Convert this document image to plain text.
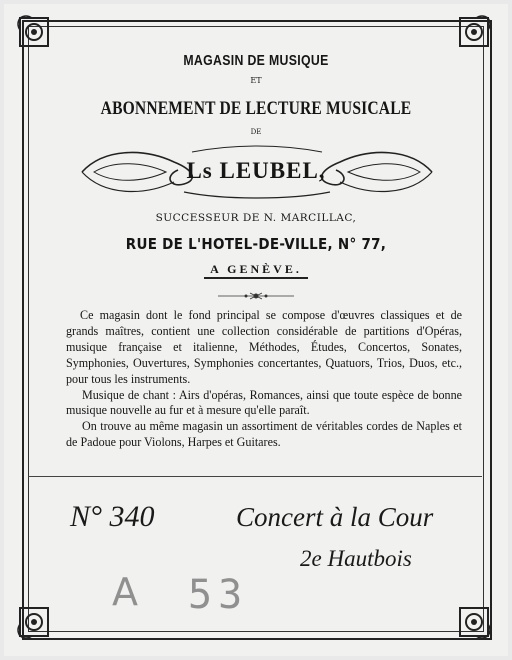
MAGASIN DE MUSIQUE
ET
ABONNEMENT DE LECTURE MUSICALE
DE
Ls LEUBEL,
SUCCESSEUR DE N. MARCILLAC,
RUE DE L'HOTEL-DE-VILLE, N° 77,
A GENÈVE.

Ce magasin dont le fond principal se compose d'œuvres classiques et de grands maîtres, contient une collection considérable de partitions d'Opéras, musique française et italienne, Méthodes, Études, Concertos, Sonates, Symphonies, Ouvertures, Symphonies concertantes, Quatuors, Trios, Duos, etc., pour tous les instruments.

Musique de chant : Airs d'opéras, Romances, ainsi que toute espèce de bonne musique nouvelle au fur et à mesure qu'elle paraît.

On trouve au même magasin un assortiment de véritables cordes de Naples et de Padoue pour Violons, Harpes et Guitares.

N° 340	Concert à la Cour
2e Hautbois
A 53
